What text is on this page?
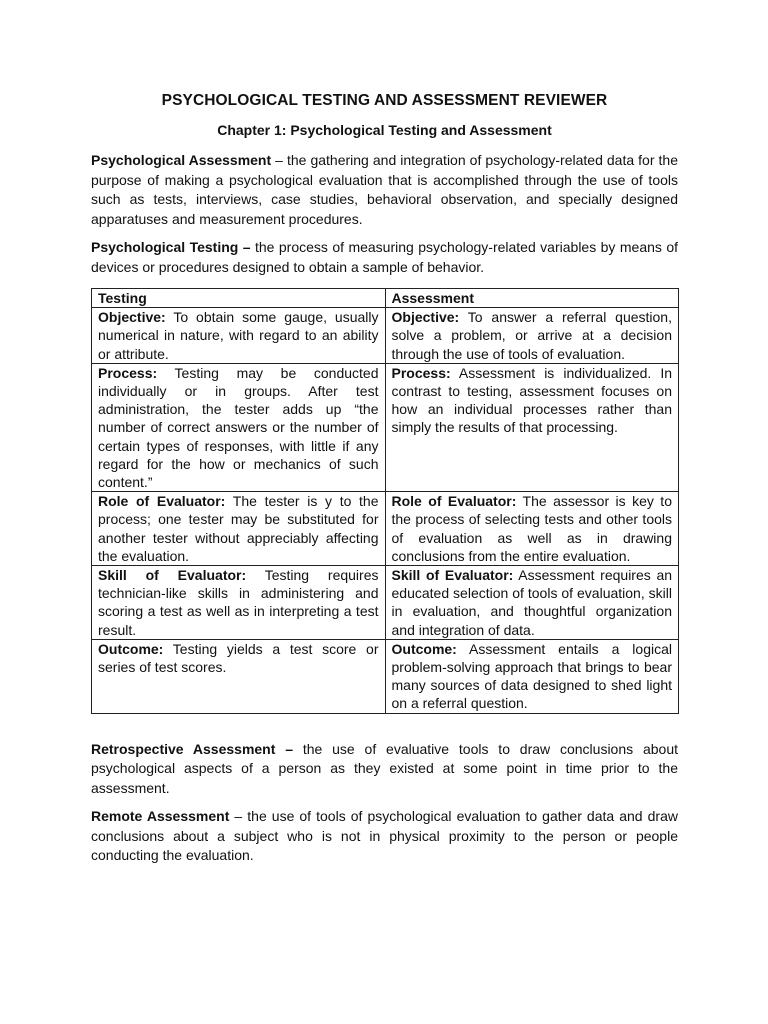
PSYCHOLOGICAL TESTING AND ASSESSMENT REVIEWER
Chapter 1: Psychological Testing and Assessment

Psychological Assessment – the gathering and integration of psychology-related data for the purpose of making a psychological evaluation that is accomplished through the use of tools such as tests, interviews, case studies, behavioral observation, and specially designed apparatuses and measurement procedures.

Psychological Testing – the process of measuring psychology-related variables by means of devices or procedures designed to obtain a sample of behavior.

Testing	Assessment
Objective: To obtain some gauge, usually numerical in nature, with regard to an ability or attribute.	Objective: To answer a referral question, solve a problem, or arrive at a decision through the use of tools of evaluation.
Process: Testing may be conducted individually or in groups. After test administration, the tester adds up “the number of correct answers or the number of certain types of responses, with little if any regard for the how or mechanics of such content.”	Process: Assessment is individualized. In contrast to testing, assessment focuses on how an individual processes rather than simply the results of that processing.
Role of Evaluator: The tester is y to the process; one tester may be substituted for another tester without appreciably affecting the evaluation.	Role of Evaluator: The assessor is key to the process of selecting tests and other tools of evaluation as well as in drawing conclusions from the entire evaluation.
Skill of Evaluator: Testing requires technician-like skills in administering and scoring a test as well as in interpreting a test result.	Skill of Evaluator: Assessment requires an educated selection of tools of evaluation, skill in evaluation, and thoughtful organization and integration of data.
Outcome: Testing yields a test score or series of test scores.	Outcome: Assessment entails a logical problem-solving approach that brings to bear many sources of data designed to shed light on a referral question.

Retrospective Assessment – the use of evaluative tools to draw conclusions about psychological aspects of a person as they existed at some point in time prior to the assessment.

Remote Assessment – the use of tools of psychological evaluation to gather data and draw conclusions about a subject who is not in physical proximity to the person or people conducting the evaluation.
